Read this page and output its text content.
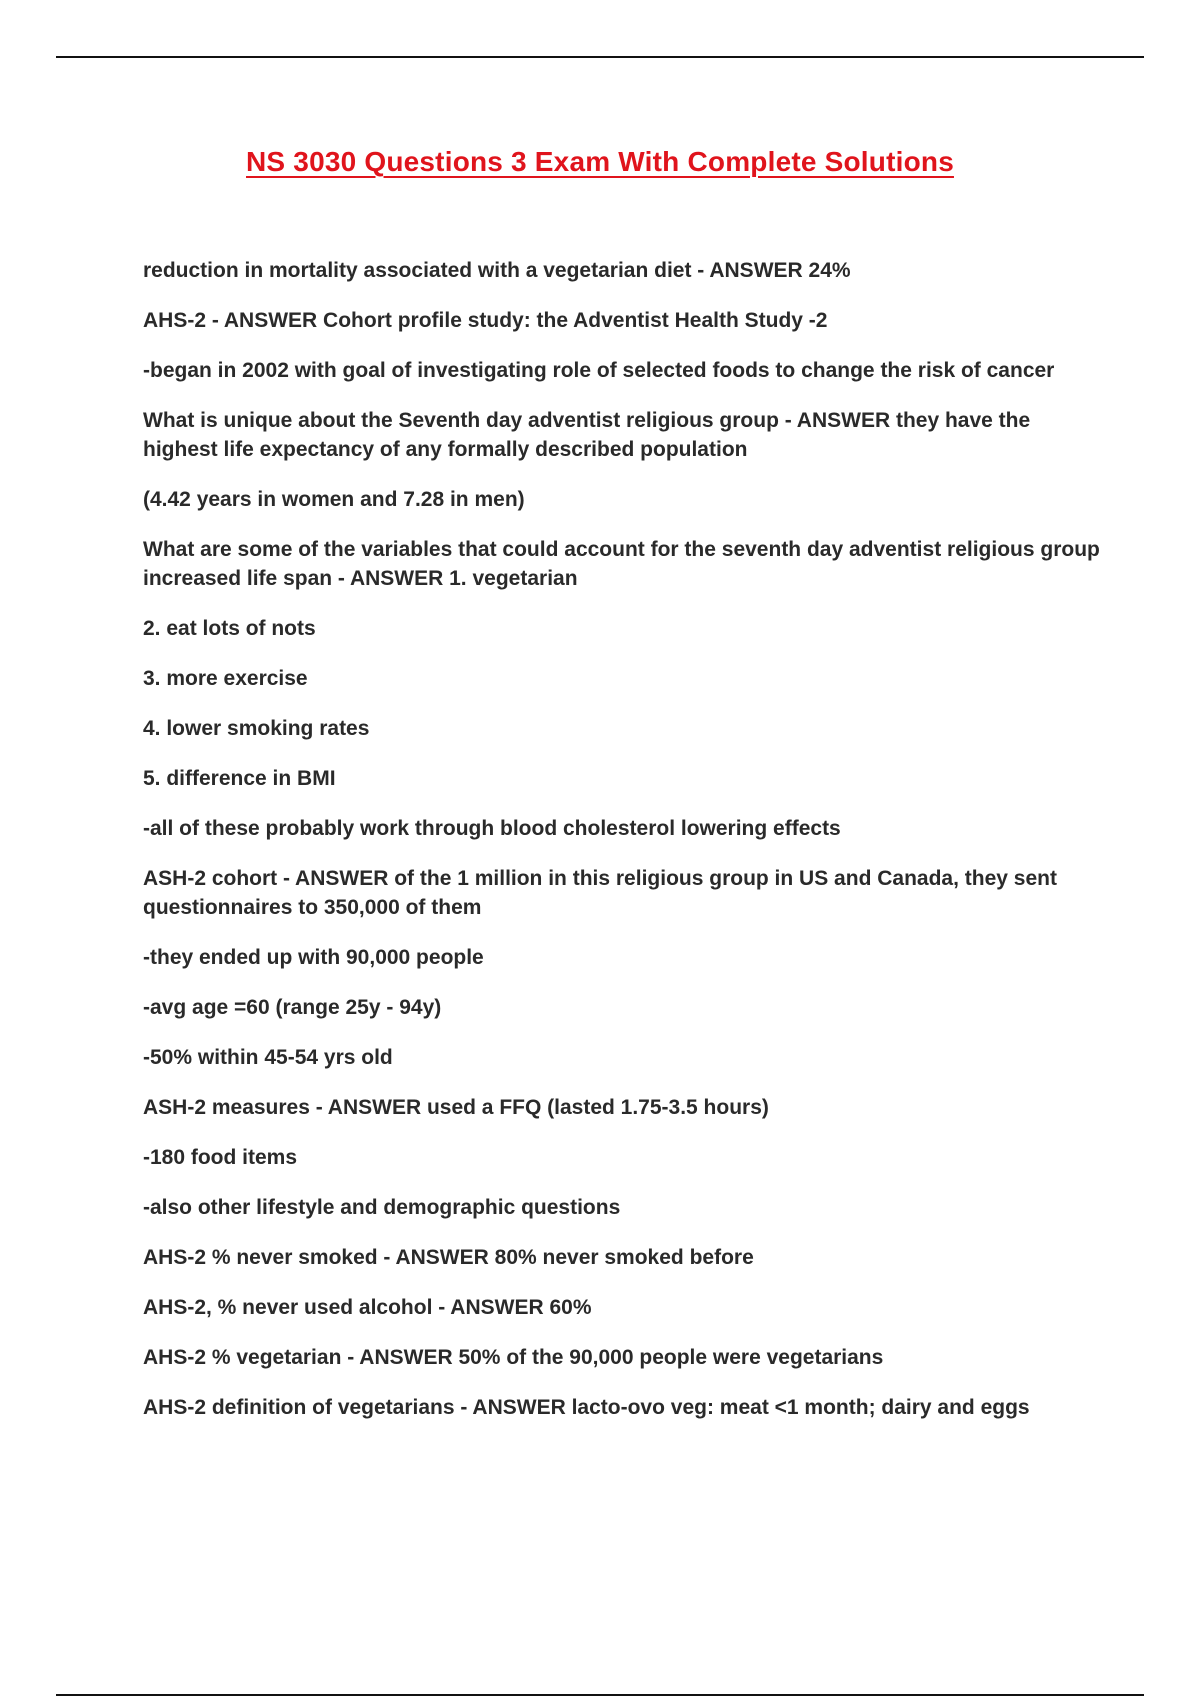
NS 3030 Questions 3 Exam With Complete Solutions

reduction in mortality associated with a vegetarian diet - ANSWER 24%

AHS-2 - ANSWER Cohort profile study: the Adventist Health Study -2

-began in 2002 with goal of investigating role of selected foods to change the risk of cancer

What is unique about the Seventh day adventist religious group - ANSWER they have the highest life expectancy of any formally described population

(4.42 years in women and 7.28 in men)

What are some of the variables that could account for the seventh day adventist religious group increased life span - ANSWER 1. vegetarian

2. eat lots of nots

3. more exercise

4. lower smoking rates

5. difference in BMI

-all of these probably work through blood cholesterol lowering effects

ASH-2 cohort - ANSWER of the 1 million in this religious group in US and Canada, they sent questionnaires to 350,000 of them

-they ended up with 90,000 people

-avg age =60 (range 25y - 94y)

-50% within 45-54 yrs old

ASH-2 measures - ANSWER used a FFQ (lasted 1.75-3.5 hours)

-180 food items

-also other lifestyle and demographic questions

AHS-2 % never smoked - ANSWER 80% never smoked before

AHS-2, % never used alcohol - ANSWER 60%

AHS-2 % vegetarian - ANSWER 50% of the 90,000 people were vegetarians

AHS-2 definition of vegetarians - ANSWER lacto-ovo veg: meat <1 month; dairy and eggs
